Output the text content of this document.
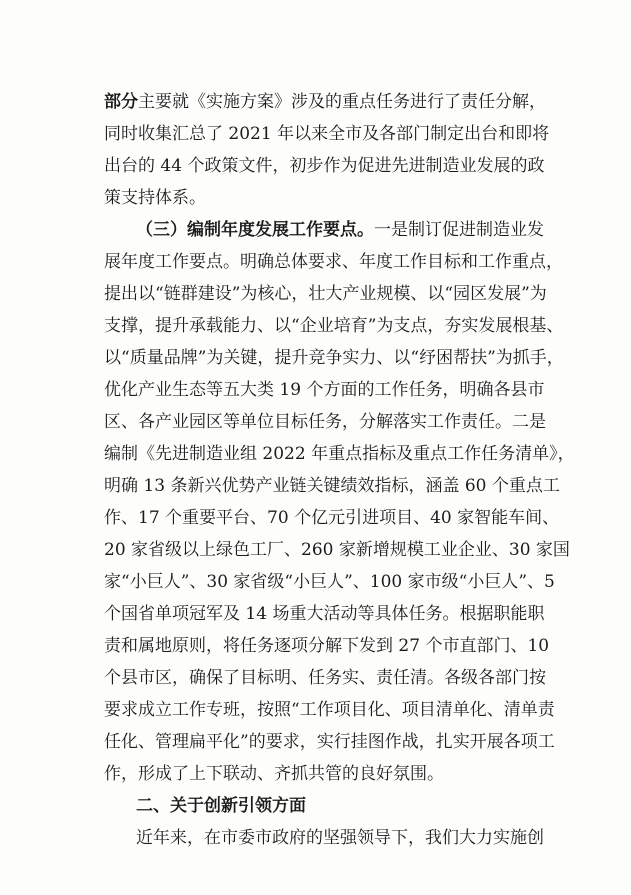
部分主要就《实施方案》涉及的重点任务进行了责任分解，
同时收集汇总了 2021 年以来全市及各部门制定出台和即将
出台的 44 个政策文件，初步作为促进先进制造业发展的政
策支持体系。
（三）编制年度发展工作要点。一是制订促进制造业发
展年度工作要点。明确总体要求、年度工作目标和工作重点，
提出以“链群建设”为核心，壮大产业规模、以“园区发展”为
支撑，提升承载能力、以“企业培育”为支点，夯实发展根基、
以“质量品牌”为关键，提升竞争实力、以“纾困帮扶”为抓手，
优化产业生态等五大类 19 个方面的工作任务，明确各县市
区、各产业园区等单位目标任务，分解落实工作责任。二是
编制《先进制造业组 2022 年重点指标及重点工作任务清单》，
明确 13 条新兴优势产业链关键绩效指标，涵盖 60 个重点工
作、17 个重要平台、70 个亿元引进项目、40 家智能车间、
20 家省级以上绿色工厂、260 家新增规模工业企业、30 家国
家“小巨人”、30 家省级“小巨人”、100 家市级“小巨人”、5
个国省单项冠军及 14 场重大活动等具体任务。根据职能职
责和属地原则，将任务逐项分解下发到 27 个市直部门、10
个县市区，确保了目标明、任务实、责任清。各级各部门按
要求成立工作专班，按照“工作项目化、项目清单化、清单责
任化、管理扁平化”的要求，实行挂图作战，扎实开展各项工
作，形成了上下联动、齐抓共管的良好氛围。
二、关于创新引领方面
近年来，在市委市政府的坚强领导下，我们大力实施创
